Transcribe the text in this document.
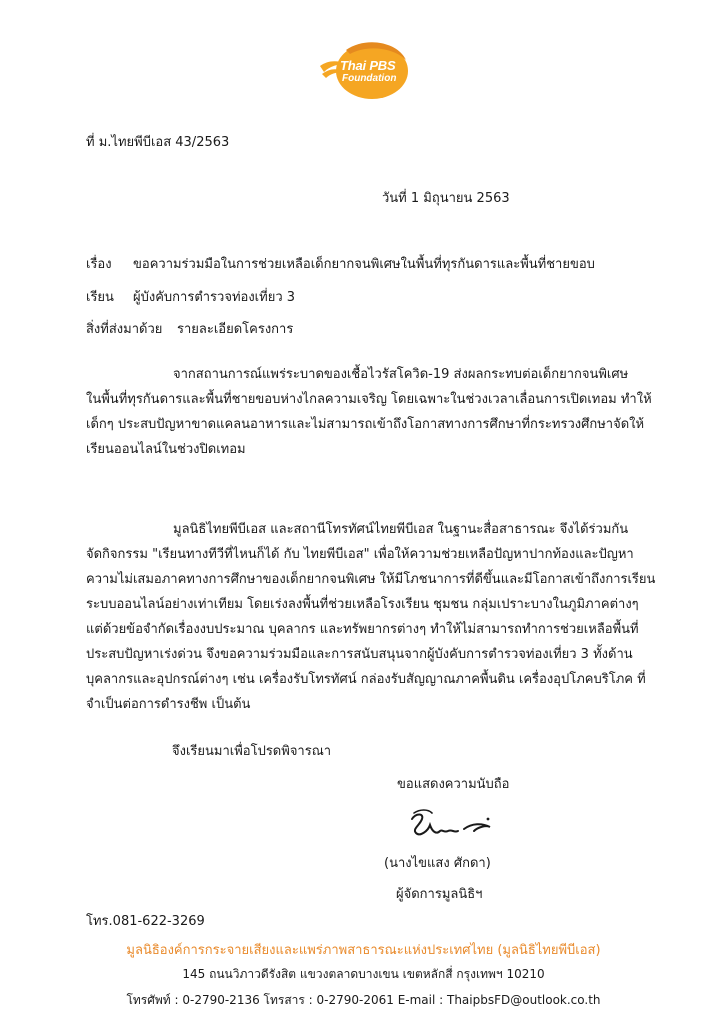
Thai PBS
Foundation
ที่ ม.ไทยพีบีเอส 43/2563
วันที่ 1 มิถุนายน 2563
เรื่อง ขอความร่วมมือในการช่วยเหลือเด็กยากจนพิเศษในพื้นที่ทุรกันดารและพื้นที่ชายขอบ
เรียน ผู้บังคับการตำรวจท่องเที่ยว 3
สิ่งที่ส่งมาด้วย รายละเอียดโครงการ
จากสถานการณ์แพร่ระบาดของเชื้อไวรัสโควิด-19 ส่งผลกระทบต่อเด็กยากจนพิเศษ
ในพื้นที่ทุรกันดารและพื้นที่ชายขอบห่างไกลความเจริญ โดยเฉพาะในช่วงเวลาเลื่อนการเปิดเทอม ทำให้
เด็กๆ ประสบปัญหาขาดแคลนอาหารและไม่สามารถเข้าถึงโอกาสทางการศึกษาที่กระทรวงศึกษาจัดให้
เรียนออนไลน์ในช่วงปิดเทอม
มูลนิธิไทยพีบีเอส และสถานีโทรทัศน์ไทยพีบีเอส ในฐานะสื่อสาธารณะ จึงได้ร่วมกัน
จัดกิจกรรม "เรียนทางทีวีที่ไหนก็ได้ กับ ไทยพีบีเอส" เพื่อให้ความช่วยเหลือปัญหาปากท้องและปัญหา
ความไม่เสมอภาคทางการศึกษาของเด็กยากจนพิเศษ ให้มีโภชนาการที่ดีขึ้นและมีโอกาสเข้าถึงการเรียน
ระบบออนไลน์อย่างเท่าเทียม โดยเร่งลงพื้นที่ช่วยเหลือโรงเรียน ชุมชน กลุ่มเปราะบางในภูมิภาคต่างๆ
แต่ด้วยข้อจำกัดเรื่องงบประมาณ บุคลากร และทรัพยากรต่างๆ ทำให้ไม่สามารถทำการช่วยเหลือพื้นที่
ประสบปัญหาเร่งด่วน จึงขอความร่วมมือและการสนับสนุนจากผู้บังคับการตำรวจท่องเที่ยว 3 ทั้งด้าน
บุคลากรและอุปกรณ์ต่างๆ เช่น เครื่องรับโทรทัศน์ กล่องรับสัญญาณภาคพื้นดิน เครื่องอุปโภคบริโภค ที่
จำเป็นต่อการดำรงชีพ เป็นต้น
จึงเรียนมาเพื่อโปรดพิจารณา
ขอแสดงความนับถือ
(นางไขแสง ศักดา)
ผู้จัดการมูลนิธิฯ
โทร.081-622-3269
มูลนิธิองค์การกระจายเสียงและแพร่ภาพสาธารณะแห่งประเทศไทย (มูลนิธิไทยพีบีเอส)
145 ถนนวิภาวดีรังสิต แขวงตลาดบางเขน เขตหลักสี่ กรุงเทพฯ 10210
โทรศัพท์ : 0-2790-2136 โทรสาร : 0-2790-2061 E-mail : ThaipbsFD@outlook.co.th
